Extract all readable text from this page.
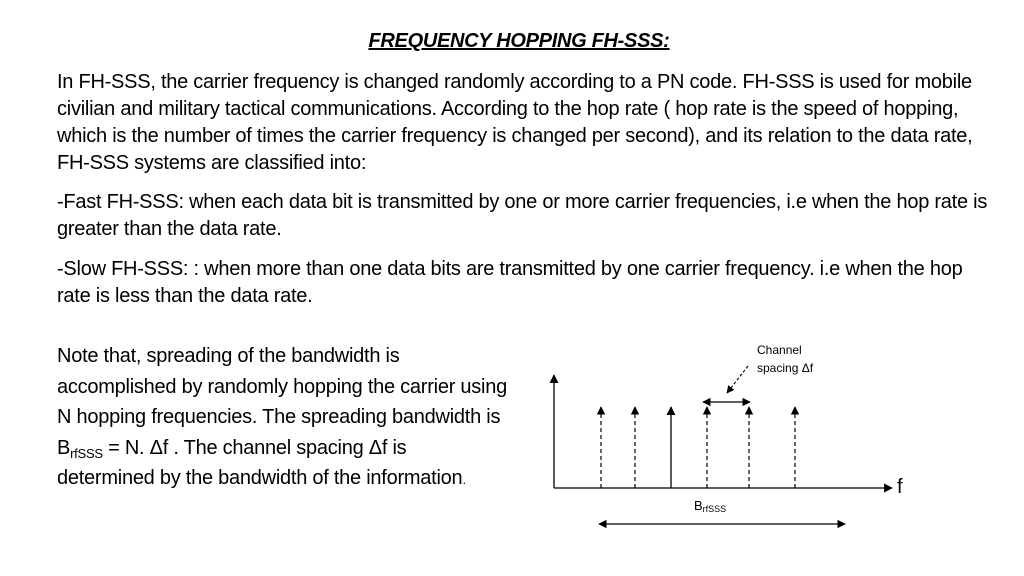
FREQUENCY HOPPING FH-SSS:

In FH-SSS, the carrier frequency is changed randomly according to a PN code. FH-SSS is used for mobile civilian and military tactical communications. According to the hop rate ( hop rate is the speed of hopping, which is the number of times the carrier frequency is changed per second), and its relation to the data rate, FH-SSS systems are classified into:

-Fast FH-SSS: when each data bit is transmitted by one or more carrier frequencies, i.e when the hop rate is greater than the data rate.

-Slow FH-SSS: : when more than one data bits are transmitted by one carrier frequency. i.e when the hop rate is less than the data rate.

Note that, spreading of the bandwidth is accomplished by randomly hopping the carrier using N hopping frequencies. The spreading bandwidth is $B_{rfSSS} = N$. Δf . The channel spacing Δf is determined by the bandwidth of the information.

Channel
spacing Δf
f
$B_{rfSSS}$
